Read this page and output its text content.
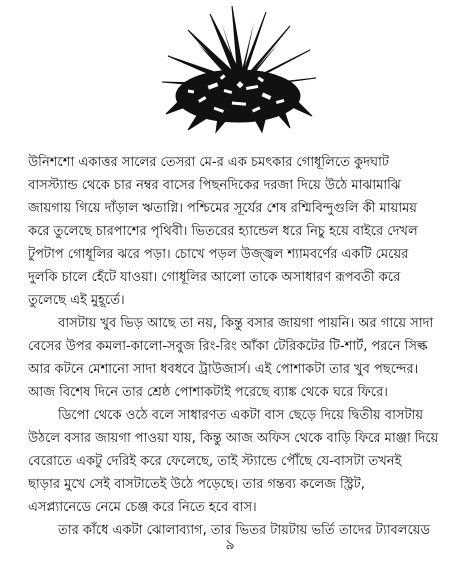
উনিশশো একাত্তর সালের তেসরা মে-র এক চমৎকার গোধূলিতে কুদঘাট
বাসস্ট্যান্ড থেকে চার নম্বর বাসের পিছনদিকের দরজা দিয়ে উঠে মাঝামাঝি
জায়গায় গিয়ে দাঁড়াল ঋতাগ্নি। পশ্চিমের সূর্যের শেষ রশ্মিবিন্দুগুলি কী মায়াময়
করে তুলেছে চারপাশের পৃথিবী। ভিতরের হ্যান্ডেল ধরে নিচু হয়ে বাইরে দেখল
টুপটাপ গোধূলির ঝরে পড়া। চোখে পড়ল উজ্জ্বল শ্যামবর্ণের একটি মেয়ের
দুলকি চালে হেঁটে যাওয়া। গোধূলির আলো তাকে অসাধারণ রূপবতী করে
তুলেছে এই মুহূর্তে।

বাসটায় খুব ভিড় আছে তা নয়, কিন্তু বসার জায়গা পায়নি। অর গায়ে সাদা
বেসের উপর কমলা-কালো-সবুজ রিং-রিং আঁকা টেরিকটের টি-শার্ট, পরনে সিল্ক
আর কটনে মেশানো সাদা ধবধবে ট্রাউজার্স। এই পোশাকটা তার খুব পছন্দের।
আজ বিশেষ দিনে তার শ্রেষ্ঠ পোশাকটাই পরেছে ব্যাঙ্ক থেকে ঘরে ফিরে।

ডিপো থেকে ওঠে বলে সাধারণত একটা বাস ছেড়ে দিয়ে দ্বিতীয় বাসটায়
উঠলে বসার জায়গা পাওয়া যায়, কিন্তু আজ অফিস থেকে বাড়ি ফিরে মাঞ্জা দিয়ে
বেরোতে একটু দেরিই করে ফেলেছে, তাই স্ট্যান্ডে পৌঁছে যে-বাসটা তখনই
ছাড়ার মুখে সেই বাসটাতেই উঠে পড়েছে। তার গন্তব্য কলেজ স্ট্রিট,
এসপ্ল্যানেডে নেমে চেঞ্জ করে নিতে হবে বাস।

তার কাঁধে একটা ঝোলাব্যাগ, তার ভিতর টায়টায় ভর্তি তাদের ট্যাবলয়েড

৯
